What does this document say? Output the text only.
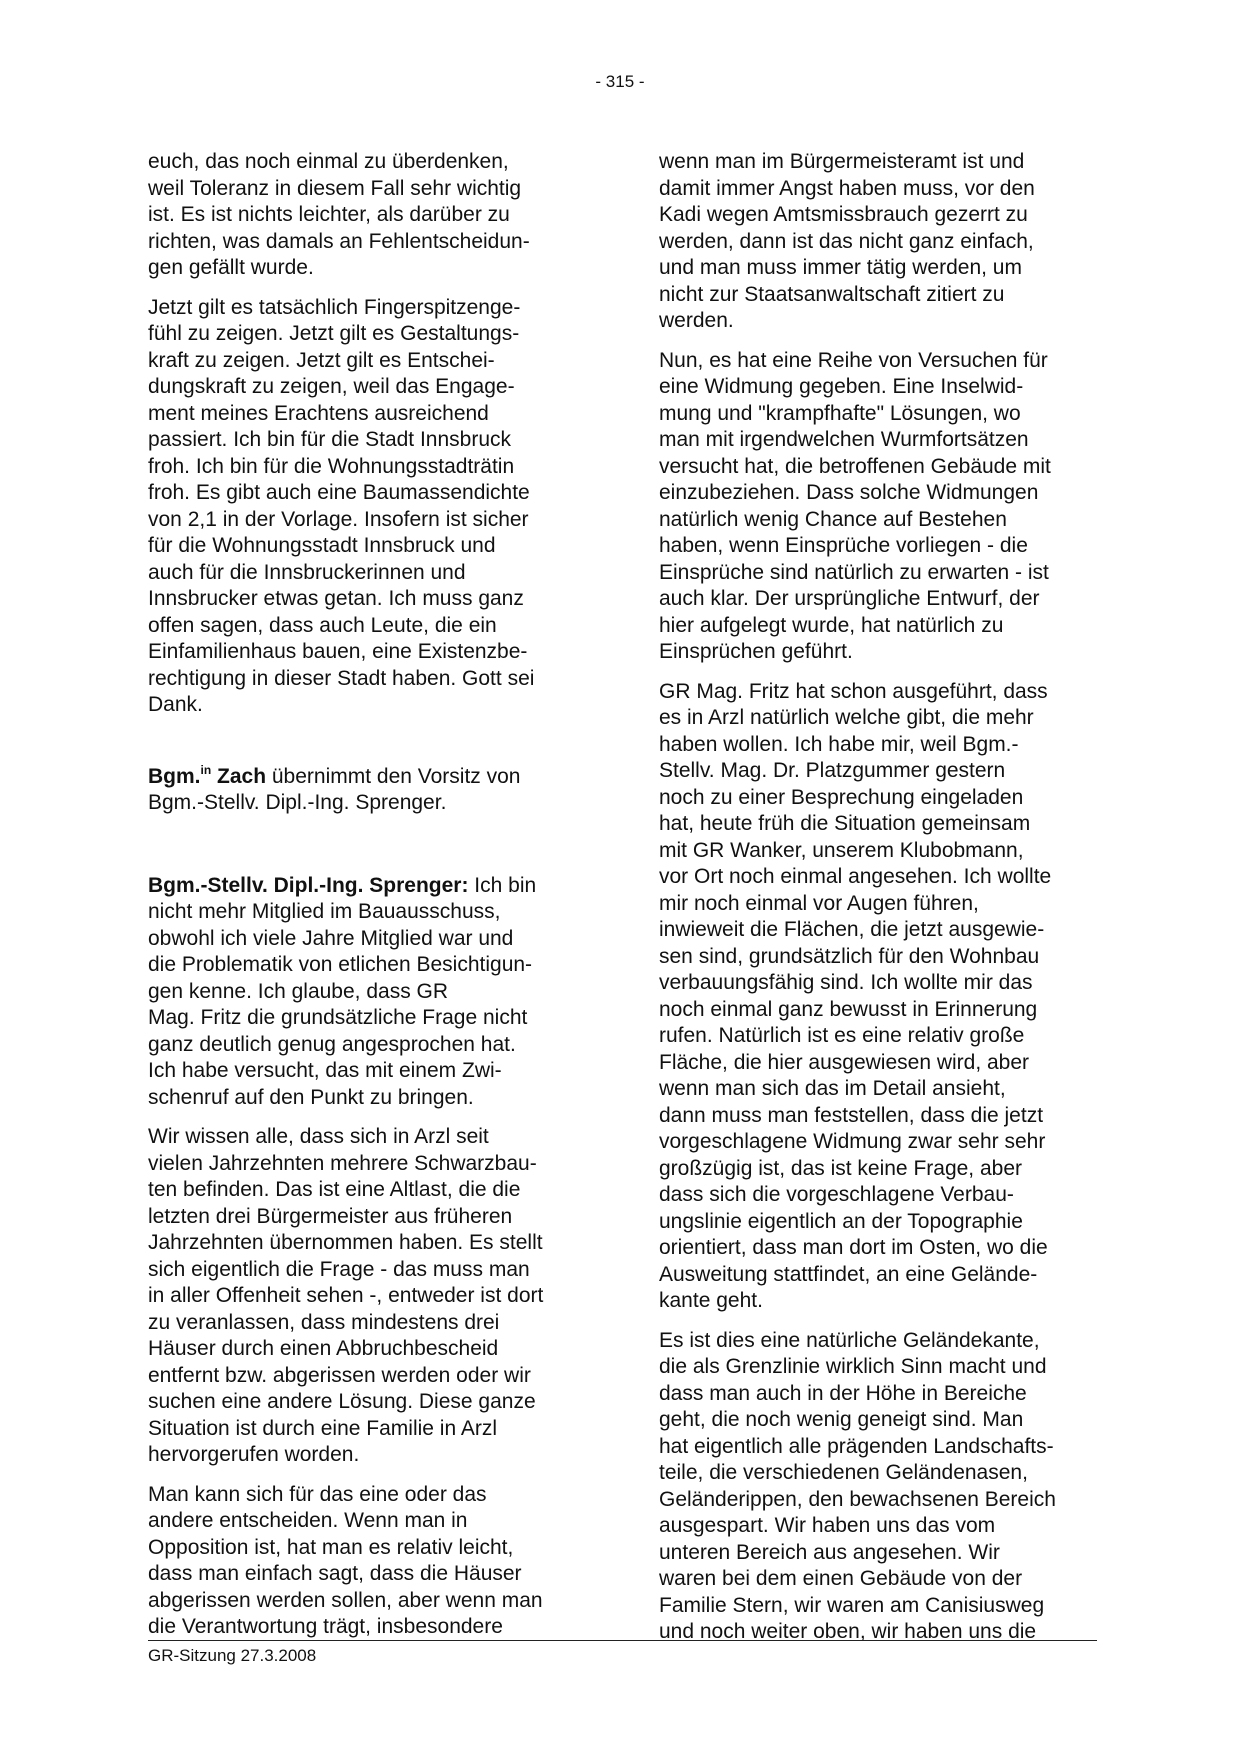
- 315 -

euch, das noch einmal zu überdenken,
weil Toleranz in diesem Fall sehr wichtig
ist. Es ist nichts leichter, als darüber zu
richten, was damals an Fehlentscheidun-
gen gefällt wurde.

Jetzt gilt es tatsächlich Fingerspitzenge-
fühl zu zeigen. Jetzt gilt es Gestaltungs-
kraft zu zeigen. Jetzt gilt es Entschei-
dungskraft zu zeigen, weil das Engage-
ment meines Erachtens ausreichend
passiert. Ich bin für die Stadt Innsbruck
froh. Ich bin für die Wohnungsstadträtin
froh. Es gibt auch eine Baumassendichte
von 2,1 in der Vorlage. Insofern ist sicher
für die Wohnungsstadt Innsbruck und
auch für die Innsbruckerinnen und
Innsbrucker etwas getan. Ich muss ganz
offen sagen, dass auch Leute, die ein
Einfamilienhaus bauen, eine Existenzbe-
rechtigung in dieser Stadt haben. Gott sei
Dank.

Bgm.$^{in}$ Zach übernimmt den Vorsitz von
Bgm.-Stellv. Dipl.-Ing. Sprenger.

Bgm.-Stellv. Dipl.-Ing. Sprenger: Ich bin
nicht mehr Mitglied im Bauausschuss,
obwohl ich viele Jahre Mitglied war und
die Problematik von etlichen Besichtigun-
gen kenne. Ich glaube, dass GR
Mag. Fritz die grundsätzliche Frage nicht
ganz deutlich genug angesprochen hat.
Ich habe versucht, das mit einem Zwi-
schenruf auf den Punkt zu bringen.

Wir wissen alle, dass sich in Arzl seit
vielen Jahrzehnten mehrere Schwarzbau-
ten befinden. Das ist eine Altlast, die die
letzten drei Bürgermeister aus früheren
Jahrzehnten übernommen haben. Es stellt
sich eigentlich die Frage - das muss man
in aller Offenheit sehen -, entweder ist dort
zu veranlassen, dass mindestens drei
Häuser durch einen Abbruchbescheid
entfernt bzw. abgerissen werden oder wir
suchen eine andere Lösung. Diese ganze
Situation ist durch eine Familie in Arzl
hervorgerufen worden.

Man kann sich für das eine oder das
andere entscheiden. Wenn man in
Opposition ist, hat man es relativ leicht,
dass man einfach sagt, dass die Häuser
abgerissen werden sollen, aber wenn man
die Verantwortung trägt, insbesondere

wenn man im Bürgermeisteramt ist und
damit immer Angst haben muss, vor den
Kadi wegen Amtsmissbrauch gezerrt zu
werden, dann ist das nicht ganz einfach,
und man muss immer tätig werden, um
nicht zur Staatsanwaltschaft zitiert zu
werden.

Nun, es hat eine Reihe von Versuchen für
eine Widmung gegeben. Eine Inselwid-
mung und "krampfhafte" Lösungen, wo
man mit irgendwelchen Wurmfortsätzen
versucht hat, die betroffenen Gebäude mit
einzubeziehen. Dass solche Widmungen
natürlich wenig Chance auf Bestehen
haben, wenn Einsprüche vorliegen - die
Einsprüche sind natürlich zu erwarten - ist
auch klar. Der ursprüngliche Entwurf, der
hier aufgelegt wurde, hat natürlich zu
Einsprüchen geführt.

GR Mag. Fritz hat schon ausgeführt, dass
es in Arzl natürlich welche gibt, die mehr
haben wollen. Ich habe mir, weil Bgm.-
Stellv. Mag. Dr. Platzgummer gestern
noch zu einer Besprechung eingeladen
hat, heute früh die Situation gemeinsam
mit GR Wanker, unserem Klubobmann,
vor Ort noch einmal angesehen. Ich wollte
mir noch einmal vor Augen führen,
inwieweit die Flächen, die jetzt ausgewie-
sen sind, grundsätzlich für den Wohnbau
verbauungsfähig sind. Ich wollte mir das
noch einmal ganz bewusst in Erinnerung
rufen. Natürlich ist es eine relativ große
Fläche, die hier ausgewiesen wird, aber
wenn man sich das im Detail ansieht,
dann muss man feststellen, dass die jetzt
vorgeschlagene Widmung zwar sehr sehr
großzügig ist, das ist keine Frage, aber
dass sich die vorgeschlagene Verbau-
ungslinie eigentlich an der Topographie
orientiert, dass man dort im Osten, wo die
Ausweitung stattfindet, an eine Gelände-
kante geht.

Es ist dies eine natürliche Geländekante,
die als Grenzlinie wirklich Sinn macht und
dass man auch in der Höhe in Bereiche
geht, die noch wenig geneigt sind. Man
hat eigentlich alle prägenden Landschafts-
teile, die verschiedenen Geländenasen,
Geländerippen, den bewachsenen Bereich
ausgespart. Wir haben uns das vom
unteren Bereich aus angesehen. Wir
waren bei dem einen Gebäude von der
Familie Stern, wir waren am Canisiusweg
und noch weiter oben, wir haben uns die

GR-Sitzung 27.3.2008
